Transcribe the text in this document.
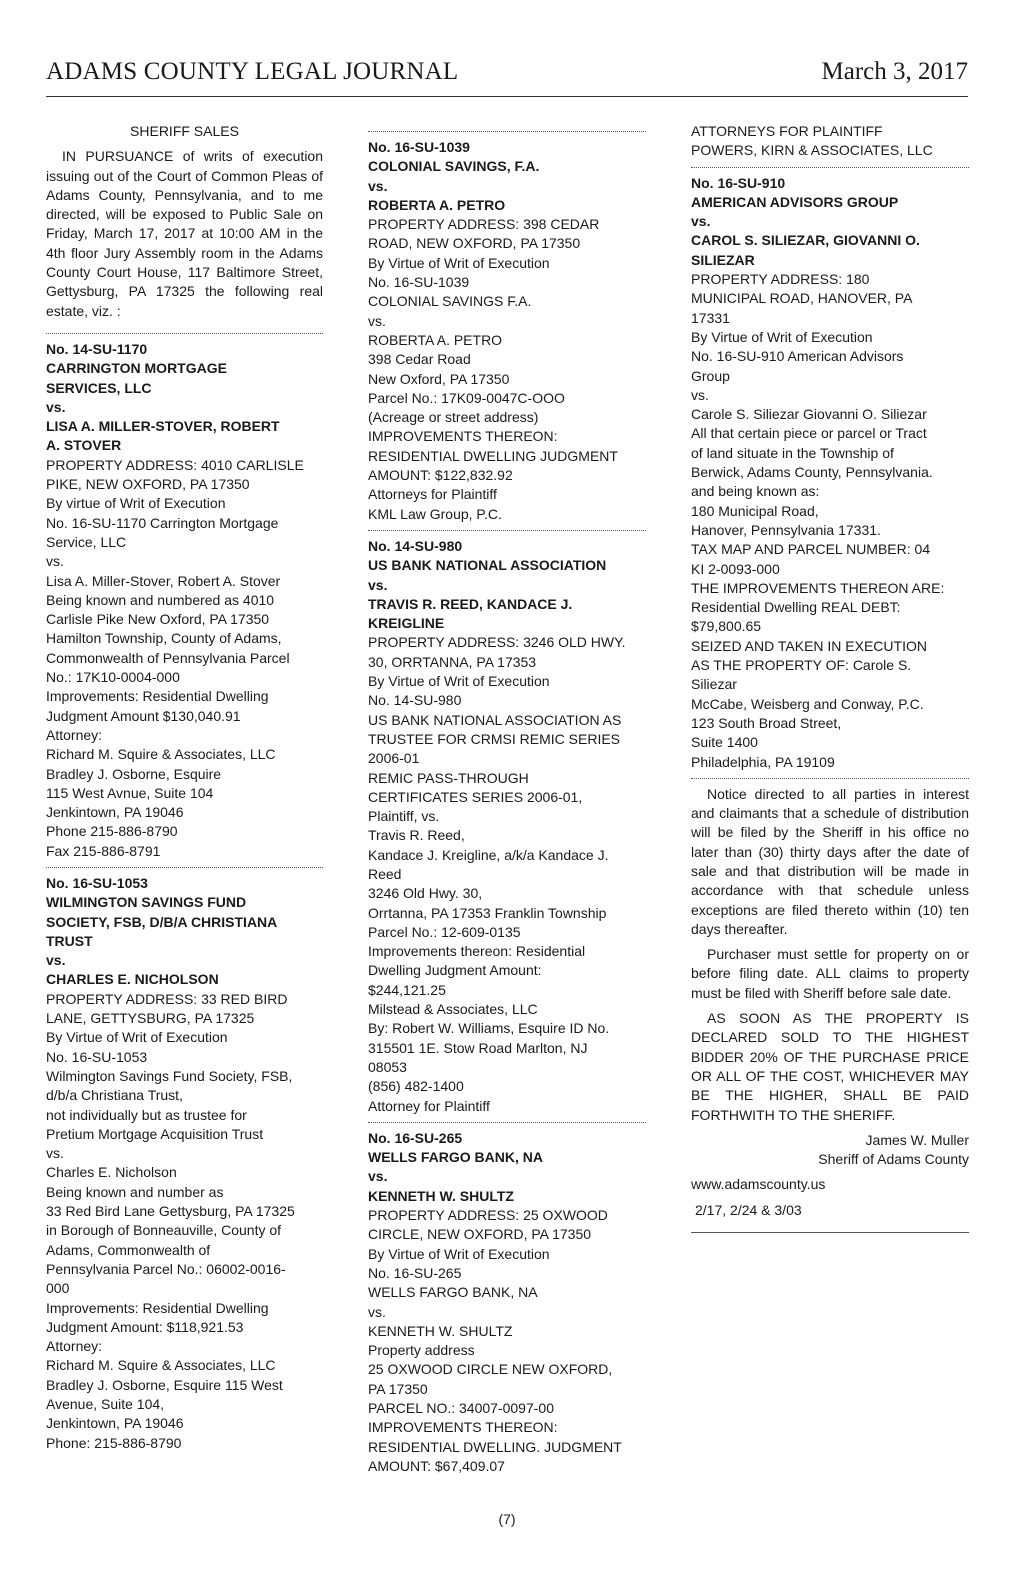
ADAMS COUNTY LEGAL JOURNAL	March 3, 2017
SHERIFF SALES
IN PURSUANCE of writs of execution issuing out of the Court of Common Pleas of Adams County, Pennsylvania, and to me directed, will be exposed to Public Sale on Friday, March 17, 2017 at 10:00 AM in the 4th floor Jury Assembly room in the Adams County Court House, 117 Baltimore Street, Gettysburg, PA 17325 the following real estate, viz. :
No. 14-SU-1170
CARRINGTON MORTGAGE
SERVICES, LLC
vs.
LISA A. MILLER-STOVER, ROBERT
A. STOVER
PROPERTY ADDRESS: 4010 CARLISLE
PIKE, NEW OXFORD, PA 17350
By virtue of Writ of Execution
No. 16-SU-1170 Carrington Mortgage
Service, LLC
vs.
Lisa A. Miller-Stover, Robert A. Stover
Being known and numbered as 4010
Carlisle Pike New Oxford, PA 17350
Hamilton Township, County of Adams,
Commonwealth of Pennsylvania Parcel
No.: 17K10-0004-000
Improvements: Residential Dwelling
Judgment Amount $130,040.91
Attorney:
Richard M. Squire & Associates, LLC
Bradley J. Osborne, Esquire
115 West Avnue, Suite 104
Jenkintown, PA 19046
Phone 215-886-8790
Fax 215-886-8791
No. 16-SU-1053
WILMINGTON SAVINGS FUND
SOCIETY, FSB, D/B/A CHRISTIANA
TRUST
vs.
CHARLES E. NICHOLSON
PROPERTY ADDRESS: 33 RED BIRD
LANE, GETTYSBURG, PA 17325
By Virtue of Writ of Execution
No. 16-SU-1053
Wilmington Savings Fund Society, FSB,
d/b/a Christiana Trust,
not individually but as trustee for
Pretium Mortgage Acquisition Trust
vs.
Charles E. Nicholson
Being known and number as
33 Red Bird Lane Gettysburg, PA 17325
in Borough of Bonneauville, County of
Adams, Commonwealth of
Pennsylvania Parcel No.: 06002-0016-
000
Improvements: Residential Dwelling
Judgment Amount: $118,921.53
Attorney:
Richard M. Squire & Associates, LLC
Bradley J. Osborne, Esquire 115 West
Avenue, Suite 104,
Jenkintown, PA 19046
Phone: 215-886-8790
No. 16-SU-1039
COLONIAL SAVINGS, F.A.
vs.
ROBERTA A. PETRO
PROPERTY ADDRESS: 398 CEDAR
ROAD, NEW OXFORD, PA 17350
By Virtue of Writ of Execution
No. 16-SU-1039
COLONIAL SAVINGS F.A.
vs.
ROBERTA A. PETRO
398 Cedar Road
New Oxford, PA 17350
Parcel No.: 17K09-0047C-OOO
(Acreage or street address)
IMPROVEMENTS THEREON:
RESIDENTIAL DWELLING JUDGMENT
AMOUNT: $122,832.92
Attorneys for Plaintiff
KML Law Group, P.C.
No. 14-SU-980
US BANK NATIONAL ASSOCIATION
vs.
TRAVIS R. REED, KANDACE J.
KREIGLINE
PROPERTY ADDRESS: 3246 OLD HWY.
30, ORRTANNA, PA 17353
By Virtue of Writ of Execution
No. 14-SU-980
US BANK NATIONAL ASSOCIATION AS
TRUSTEE FOR CRMSI REMIC SERIES
2006-01
REMIC PASS-THROUGH
CERTIFICATES SERIES 2006-01,
Plaintiff, vs.
Travis R. Reed,
Kandace J. Kreigline, a/k/a Kandace J.
Reed
3246 Old Hwy. 30,
Orrtanna, PA 17353 Franklin Township
Parcel No.: 12-609-0135
Improvements thereon: Residential
Dwelling Judgment Amount:
$244,121.25
Milstead & Associates, LLC
By: Robert W. Williams, Esquire ID No.
315501 1E. Stow Road Marlton, NJ
08053
(856) 482-1400
Attorney for Plaintiff
No. 16-SU-265
WELLS FARGO BANK, NA
vs.
KENNETH W. SHULTZ
PROPERTY ADDRESS: 25 OXWOOD
CIRCLE, NEW OXFORD, PA 17350
By Virtue of Writ of Execution
No. 16-SU-265
WELLS FARGO BANK, NA
vs.
KENNETH W. SHULTZ
Property address
25 OXWOOD CIRCLE NEW OXFORD,
PA 17350
PARCEL NO.: 34007-0097-00
IMPROVEMENTS THEREON:
RESIDENTIAL DWELLING. JUDGMENT
AMOUNT: $67,409.07
ATTORNEYS FOR PLAINTIFF
POWERS, KIRN & ASSOCIATES, LLC
No. 16-SU-910
AMERICAN ADVISORS GROUP
vs.
CAROL S. SILIEZAR, GIOVANNI O.
SILIEZAR
PROPERTY ADDRESS: 180
MUNICIPAL ROAD, HANOVER, PA
17331
By Virtue of Writ of Execution
No. 16-SU-910 American Advisors
Group
vs.
Carole S. Siliezar Giovanni O. Siliezar
All that certain piece or parcel or Tract
of land situate in the Township of
Berwick, Adams County, Pennsylvania.
and being known as:
180 Municipal Road,
Hanover, Pennsylvania 17331.
TAX MAP AND PARCEL NUMBER: 04
KI 2-0093-000
THE IMPROVEMENTS THEREON ARE:
Residential Dwelling REAL DEBT:
$79,800.65
SEIZED AND TAKEN IN EXECUTION
AS THE PROPERTY OF: Carole S.
Siliezar
McCabe, Weisberg and Conway, P.C.
123 South Broad Street,
Suite 1400
Philadelphia, PA 19109
Notice directed to all parties in interest and claimants that a schedule of distribution will be filed by the Sheriff in his office no later than (30) thirty days after the date of sale and that distribution will be made in accordance with that schedule unless exceptions are filed thereto within (10) ten days thereafter.
Purchaser must settle for property on or before filing date. ALL claims to property must be filed with Sheriff before sale date.
AS SOON AS THE PROPERTY IS DECLARED SOLD TO THE HIGHEST BIDDER 20% OF THE PURCHASE PRICE OR ALL OF THE COST, WHICHEVER MAY BE THE HIGHER, SHALL BE PAID FORTHWITH TO THE SHERIFF.
James W. Muller
Sheriff of Adams County
www.adamscounty.us
2/17, 2/24 & 3/03
(7)
